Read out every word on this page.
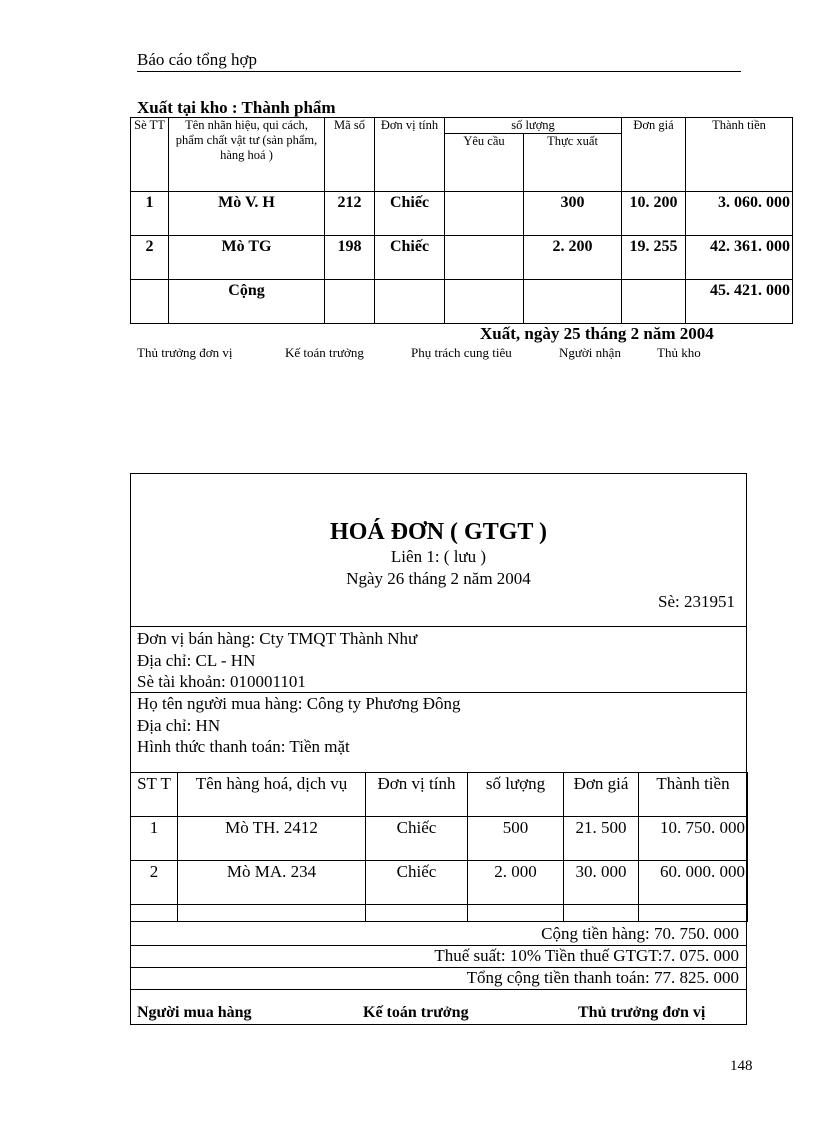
Báo cáo tổng hợp
Xuất tại kho : Thành phẩm
Sè TT	Tên nhãn hiệu, qui cách, phẩm chất vật tư (sản phẩm, hàng hoá )	Mã số	Đơn vị tính	số lượng		Đơn giá	Thành tiền
				Yêu cầu	Thực xuất		
1	Mò V. H	212	Chiếc		300	10. 200	3. 060. 000
2	Mò TG	198	Chiếc		2. 200	19. 255	42. 361. 000
	Cộng						45. 421. 000
Xuất, ngày 25 tháng 2 năm 2004
Thủ trưởng đơn vị	Kế toán trưởng	Phụ trách cung tiêu	Người nhận	Thủ kho
HOÁ ĐƠN ( GTGT )
Liên 1: ( lưu )
Ngày 26 tháng 2 năm 2004
Sè: 231951
Đơn vị bán hàng: Cty TMQT Thành Như
Địa chỉ: CL - HN
Sè tài khoản: 010001101
Họ tên người mua hàng: Công ty Phương Đông
Địa chỉ: HN
Hình thức thanh toán: Tiền mặt
ST T	Tên hàng hoá, dịch vụ	Đơn vị tính	số lượng	Đơn giá	Thành tiền
1	Mò TH. 2412	Chiếc	500	21. 500	10. 750. 000
2	Mò MA. 234	Chiếc	2. 000	30. 000	60. 000. 000

Cộng tiền hàng: 70. 750. 000
Thuế suất: 10% Tiền thuế GTGT:7. 075. 000
Tổng cộng tiền thanh toán: 77. 825. 000
Người mua hàng	Kế toán trưởng	Thủ trưởng đơn vị
148
